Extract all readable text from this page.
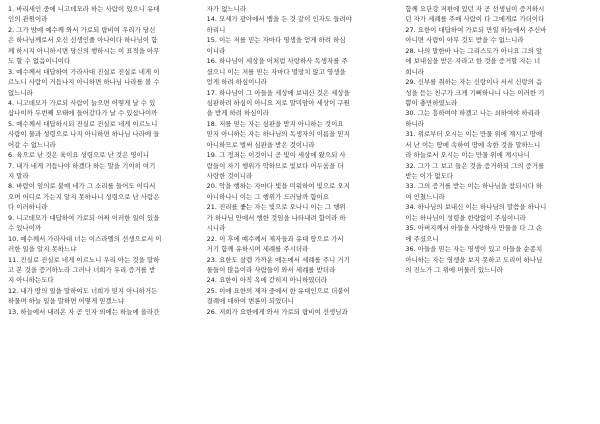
1. 바리새인 중에 니고데모라 하는 사람이 있으니 유대
인의 관원이라
2. 그가 밤에 예수께 와서 가로되 랍비여 우리가 당신
은 하나님께로서 오신 선생인줄 아나이다 하나님이 함
께 하시지 아니하시면 당신의 행하시는 이 표적을 아무
도 할 수 없음이니이다
3. 예수께서 대답하여 가라사대 진실로 진실로 네게 이
르노니 사람이 거듭나지 아니하면 하나님 나라를 볼 수
없느니라
4. 니고데모가 가로되 사람이 늙으면 어떻게 날 수 있
삽나이까 두번째 모태에 들어갔다가 날 수 있삽나이까
5. 예수께서 대답하시되 진실로 진실로 네게 이르노니
사람이 물과 성령으로 나지 아니하면 하나님 나라에 들
어갈 수 없느니라
6. 육으로 난 것은 육이요 성령으로 난 것은 영이니
7. 내가 네게 거듭나야 하겠다 하는 말을 기이히 여기
지 말라
8. 바람이 임의로 불매 네가 그 소리를 들어도 어디서
오며 어디로 가는지 알지 못하나니 성령으로 난 사람은
다 이러하니라
9. 니고데모가 대답하여 가로되 어찌 이러한 일이 있을
수 있나이까
10. 예수께서 가라사대 너는 이스라엘의 선생으로서 이
러한 일을 알지 못하느냐
11. 진실로 진실로 네게 이르노니 우리 아는 것을 말하
고 본 것을 증거하노라 그러나 너희가 우리 증거를 받
지 아니하는도다
12. 내가 땅의 일을 말하여도 너희가 믿지 아니하거든
하물며 하늘 일을 말하면 어떻게 믿겠느냐
13. 하늘에서 내려온 자 곧 인자 외에는 하늘에 올라간
자가 없느니라
14. 모세가 광야에서 뱀을 든 것 같이 인자도 들려야
하리니
15. 이는 저를 믿는 자마다 영생을 얻게 하려 하심
이니라
16. 하나님이 세상을 이처럼 사랑하사 독생자를 주
셨으니 이는 저를 믿는 자마다 멸망치 않고 영생을
얻게 하려 하심이니라
17. 하나님이 그 아들을 세상에 보내신 것은 세상을
심판하려 하심이 아니요 저로 말미암아 세상이 구원
을 받게 하려 하심이라
18. 저를 믿는 자는 심판을 받지 아니하는 것이요
믿지 아니하는 자는 하나님의 독생자의 이름을 믿지
아니하므로 벌써 심판을 받은 것이니라
19. 그 정죄는 이것이니 곧 빛이 세상에 왔으되 사
람들이 자기 행위가 악하므로 빛보다 어두움을 더
사랑한 것이니라
20. 악을 행하는 자마다 빛을 미워하여 빛으로 오지
아니하나니 이는 그 행위가 드러날까 함이요
21. 진리를 좇는 자는 빛으로 오나니 이는 그 행위
가 하나님 안에서 행한 것임을 나타내려 함이라 하
시니라
22. 이 후에 예수께서 제자들과 유대 땅으로 가서
거기 함께 유하시며 세례를 주시더라
23. 요한도 살렘 가까운 애논에서 세례를 주니 거기
물들이 많음이라 사람들이 와서 세례를 받더라
24. 요한이 아직 옥에 갇히지 아니하였더라
25. 이에 요한의 제자 중에서 한 유대인으로 더불어
결례에 대하여 변론이 되었더니
26. 저희가 요한에게 와서 가로되 랍비여 선생님과
함께 요단강 저편에 있던 자 곧 선생님이 증거하시
던 자가 세례를 주매 사람이 다 그에게로 가더이다
27. 요한이 대답하여 가로되 만일 하늘에서 주신바
아니면 사람이 아무 것도 받을 수 없느니라
28. 나의 말한바 나는 그리스도가 아니요 그의 앞
에 보내심을 받은 자라고 한 것을 증거할 자는 너
희니라
29. 신부를 취하는 자는 신랑이나 서서 신랑의 음
성을 듣는 친구가 크게 기뻐하나니 나는 이러한 기
쁨이 충만하였노라
30. 그는 흥하여야 하겠고 나는 쇠하여야 하리라
하니라
31. 위로부터 오시는 이는 만물 위에 계시고 땅에
서 난 이는 땅에 속하여 땅에 속한 것을 말하느니
라 하늘로서 오시는 이는 만물 위에 계시나니
32. 그가 그 보고 들은 것을 증거하되 그의 증거를
받는 이가 없도다
33. 그의 증거를 받는 이는 하나님을 참되시다 하
여 인쳤느니라
34. 하나님의 보내신 이는 하나님의 말씀을 하나니
이는 하나님이 성령을 한량없이 주심이니라
35. 아버지께서 아들을 사랑하사 만물을 다 그 손
에 주셨으니
36. 아들을 믿는 자는 영생이 있고 아들을 순종치
아니하는 자는 영생을 보지 못하고 도리어 하나님
의 진노가 그 위에 머물러 있느니라
